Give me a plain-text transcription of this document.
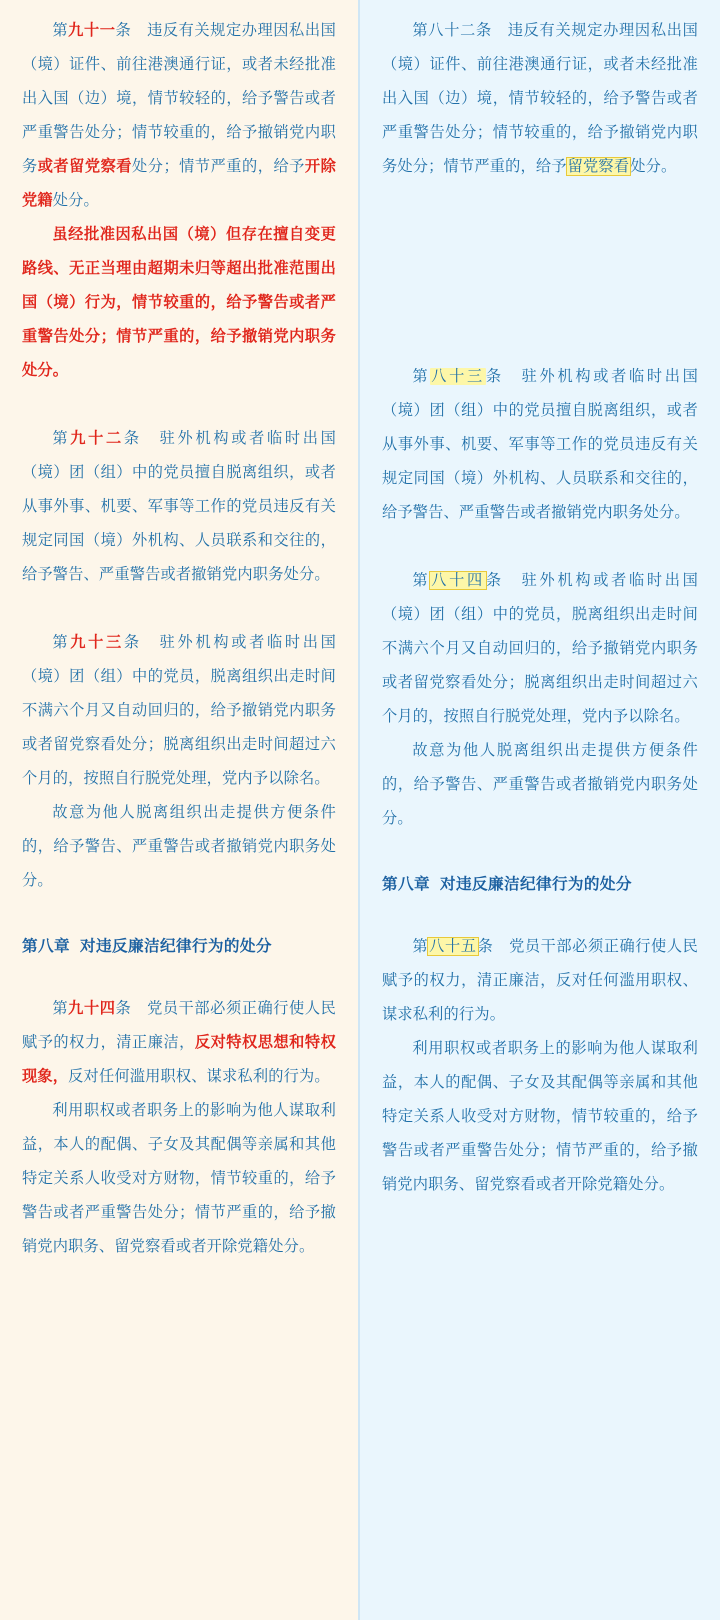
第九十一条　违反有关规定办理因私出国（境）证件、前往港澳通行证，或者未经批准出入国（边）境，情节较轻的，给予警告或者严重警告处分；情节较重的，给予撤销党内职务或者留党察看处分；情节严重的，给予开除党籍处分。

虽经批准因私出国（境）但存在擅自变更路线、无正当理由超期未归等超出批准范围出国（境）行为，情节较重的，给予警告或者严重警告处分；情节严重的，给予撤销党内职务处分。

第九十二条　驻外机构或者临时出国（境）团（组）中的党员擅自脱离组织，或者从事外事、机要、军事等工作的党员违反有关规定同国（境）外机构、人员联系和交往的，给予警告、严重警告或者撤销党内职务处分。

第九十三条　驻外机构或者临时出国（境）团（组）中的党员，脱离组织出走时间不满六个月又自动回归的，给予撤销党内职务或者留党察看处分；脱离组织出走时间超过六个月的，按照自行脱党处理，党内予以除名。

故意为他人脱离组织出走提供方便条件的，给予警告、严重警告或者撤销党内职务处分。

第八章 对违反廉洁纪律行为的处分

第九十四条　党员干部必须正确行使人民赋予的权力，清正廉洁，反对特权思想和特权现象，反对任何滥用职权、谋求私利的行为。

利用职权或者职务上的影响为他人谋取利益，本人的配偶、子女及其配偶等亲属和其他特定关系人收受对方财物，情节较重的，给予警告或者严重警告处分；情节严重的，给予撤销党内职务、留党察看或者开除党籍处分。

第八十二条　违反有关规定办理因私出国（境）证件、前往港澳通行证，或者未经批准出入国（边）境，情节较轻的，给予警告或者严重警告处分；情节较重的，给予撤销党内职务处分；情节严重的，给予留党察看处分。

第八十三条　驻外机构或者临时出国（境）团（组）中的党员擅自脱离组织，或者从事外事、机要、军事等工作的党员违反有关规定同国（境）外机构、人员联系和交往的，给予警告、严重警告或者撤销党内职务处分。

第八十四条　驻外机构或者临时出国（境）团（组）中的党员，脱离组织出走时间不满六个月又自动回归的，给予撤销党内职务或者留党察看处分；脱离组织出走时间超过六个月的，按照自行脱党处理，党内予以除名。

故意为他人脱离组织出走提供方便条件的，给予警告、严重警告或者撤销党内职务处分。

第八章 对违反廉洁纪律行为的处分

第八十五条　党员干部必须正确行使人民赋予的权力，清正廉洁，反对任何滥用职权、谋求私利的行为。

利用职权或者职务上的影响为他人谋取利益，本人的配偶、子女及其配偶等亲属和其他特定关系人收受对方财物，情节较重的，给予警告或者严重警告处分；情节严重的，给予撤销党内职务、留党察看或者开除党籍处分。
